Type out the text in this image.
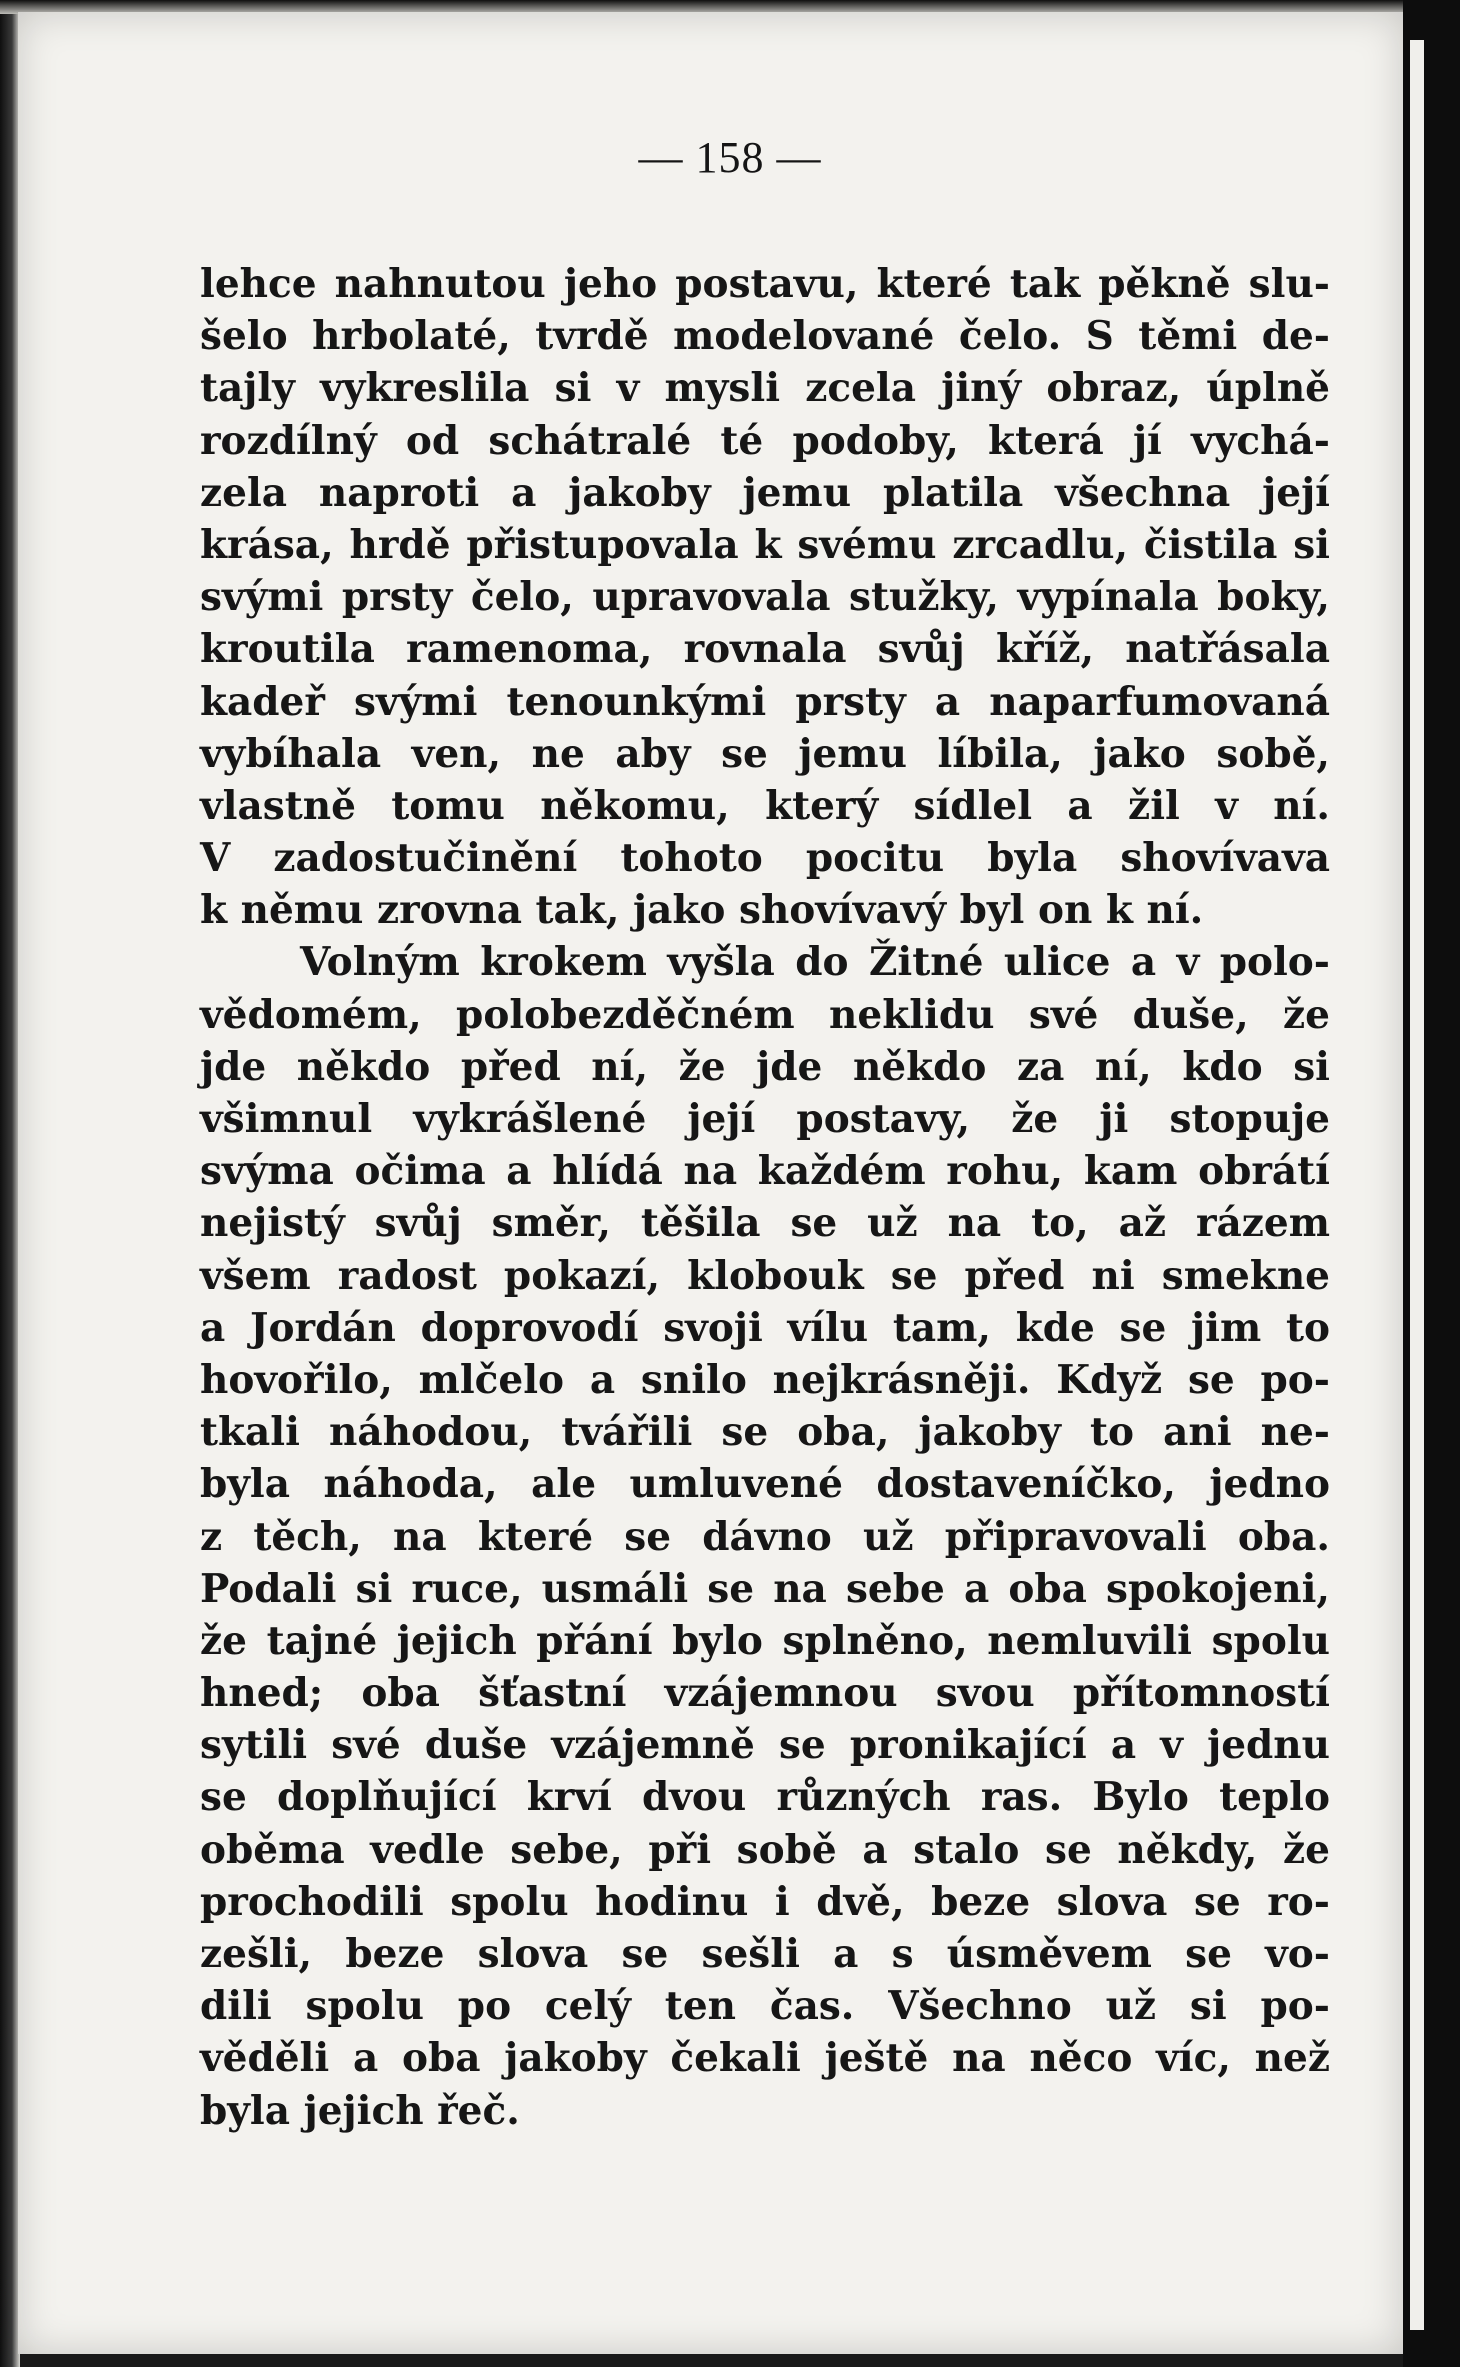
— 158 —
lehce nahnutou jeho postavu, které tak pěkně slu-
šelo hrbolaté, tvrdě modelované čelo. S těmi de-
tajly vykreslila si v mysli zcela jiný obraz, úplně
rozdílný od schátralé té podoby, která jí vychá-
zela naproti a jakoby jemu platila všechna její
krása, hrdě přistupovala k svému zrcadlu, čistila si
svými prsty čelo, upravovala stužky, vypínala boky,
kroutila ramenoma, rovnala svůj kříž, natřásala
kadeř svými tenounkými prsty a naparfumovaná
vybíhala ven, ne aby se jemu líbila, jako sobě,
vlastně tomu někomu, který sídlel a žil v ní.
V zadostučinění tohoto pocitu byla shovívava
k němu zrovna tak, jako shovívavý byl on k ní.
Volným krokem vyšla do Žitné ulice a v polo-
vědomém, polobezděčném neklidu své duše, že
jde někdo před ní, že jde někdo za ní, kdo si
všimnul vykrášlené její postavy, že ji stopuje
svýma očima a hlídá na každém rohu, kam obrátí
nejistý svůj směr, těšila se už na to, až rázem
všem radost pokazí, klobouk se před ni smekne
a Jordán doprovodí svoji vílu tam, kde se jim to
hovořilo, mlčelo a snilo nejkrásněji. Když se po-
tkali náhodou, tvářili se oba, jakoby to ani ne-
byla náhoda, ale umluvené dostaveníčko, jedno
z těch, na které se dávno už připravovali oba.
Podali si ruce, usmáli se na sebe a oba spokojeni,
že tajné jejich přání bylo splněno, nemluvili spolu
hned; oba šťastní vzájemnou svou přítomností
sytili své duše vzájemně se pronikající a v jednu
se doplňující krví dvou různých ras. Bylo teplo
oběma vedle sebe, při sobě a stalo se někdy, že
prochodili spolu hodinu i dvě, beze slova se ro-
zešli, beze slova se sešli a s úsměvem se vo-
dili spolu po celý ten čas. Všechno už si po-
věděli a oba jakoby čekali ještě na něco víc, než
byla jejich řeč.
